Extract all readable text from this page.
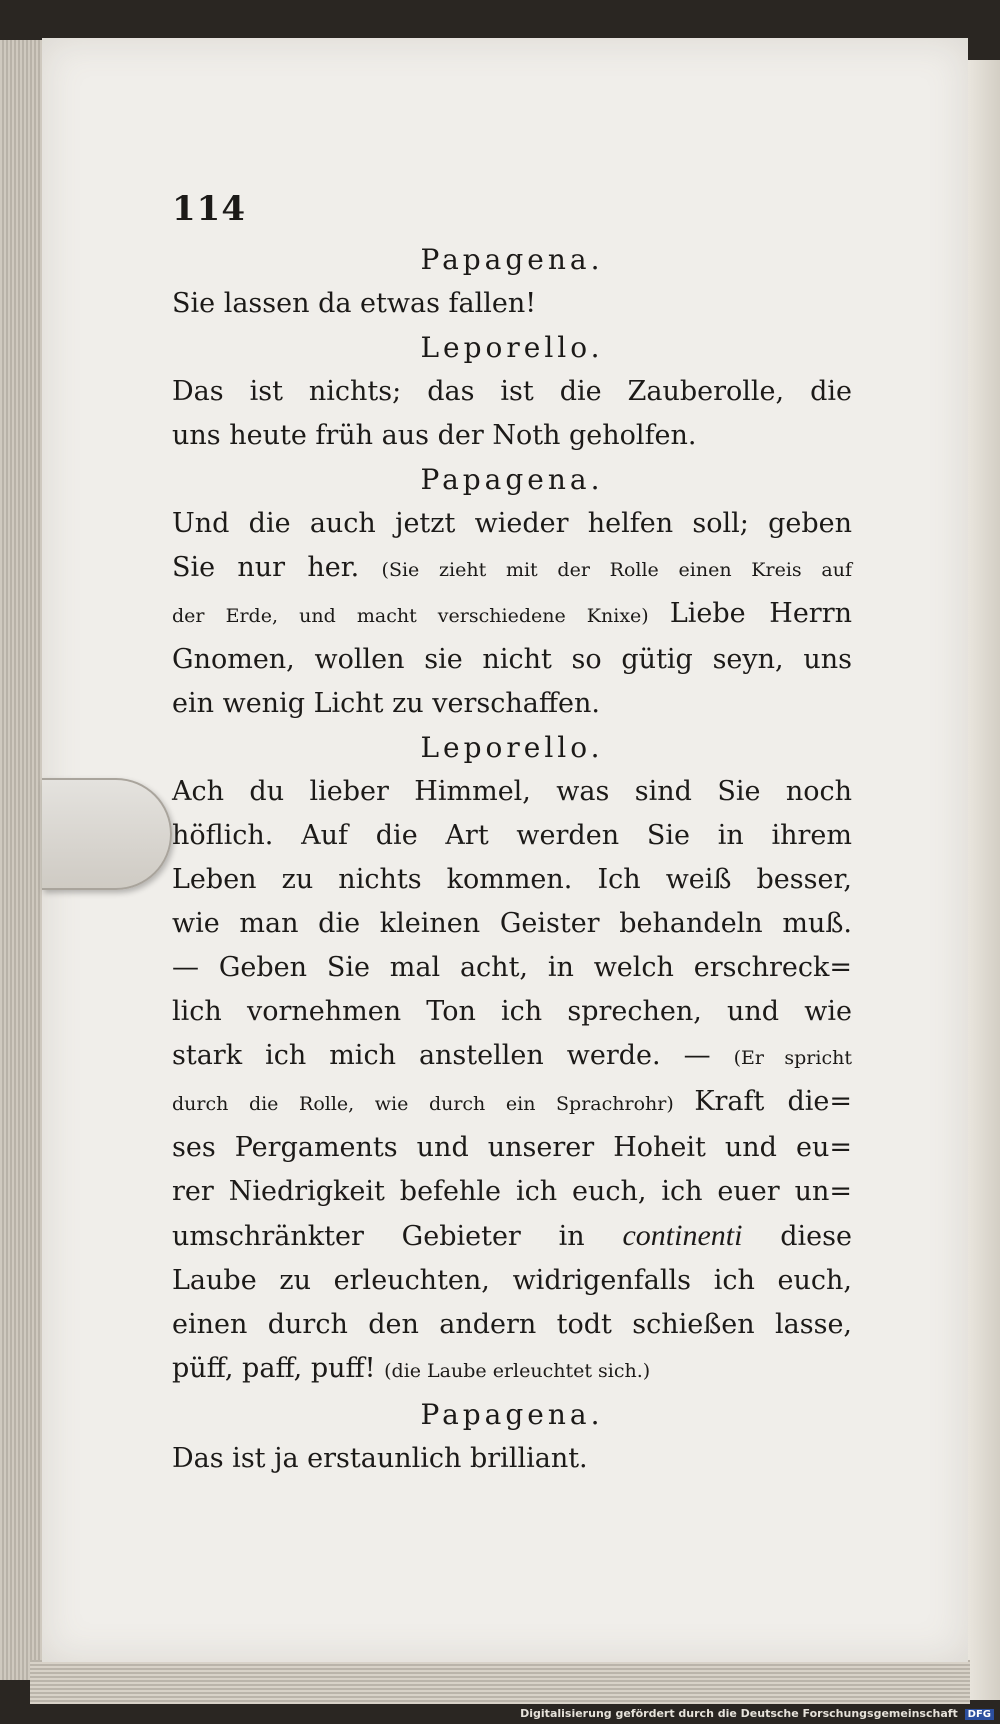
114
Papagena.
Sie lassen da etwas fallen!
Leporello.
Das ist nichts; das ist die Zauberolle, die
uns heute früh aus der Noth geholfen.
Papagena.
Und die auch jetzt wieder helfen soll; geben
Sie nur her. (Sie zieht mit der Rolle einen Kreis auf
der Erde, und macht verschiedene Knixe) Liebe Herrn
Gnomen, wollen sie nicht so gütig seyn, uns
ein wenig Licht zu verschaffen.
Leporello.
Ach du lieber Himmel, was sind Sie noch
höflich. Auf die Art werden Sie in ihrem
Leben zu nichts kommen. Ich weiß besser,
wie man die kleinen Geister behandeln muß.
— Geben Sie mal acht, in welch erschreck=
lich vornehmen Ton ich sprechen, und wie
stark ich mich anstellen werde. — (Er spricht
durch die Rolle, wie durch ein Sprachrohr) Kraft die=
ses Pergaments und unserer Hoheit und eu=
rer Niedrigkeit befehle ich euch, ich euer un=
umschränkter Gebieter in continenti diese
Laube zu erleuchten, widrigenfalls ich euch,
einen durch den andern todt schießen lasse,
püff, paff, puff! (die Laube erleuchtet sich.)
Papagena.
Das ist ja erstaunlich brilliant.
Digitalisierung gefördert durch die Deutsche Forschungsgemeinschaft DFG
